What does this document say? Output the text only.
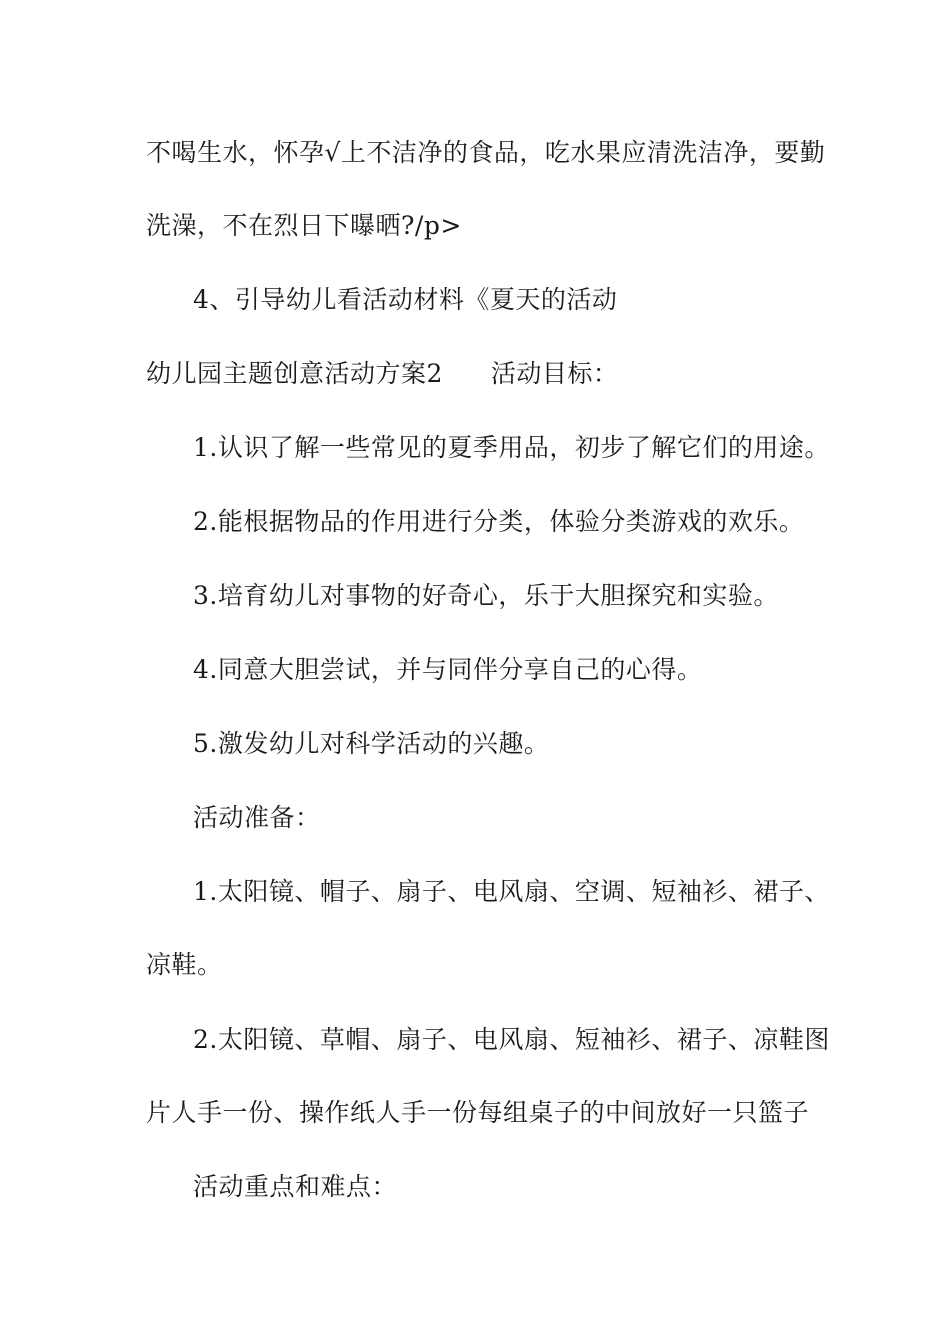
不喝生水，怀孕√上不洁净的食品，吃水果应清洗洁净，要勤
洗澡，不在烈日下曝晒?/p>
4、引导幼儿看活动材料《夏天的活动
幼儿园主题创意活动方案2 活动目标：
1.认识了解一些常见的夏季用品，初步了解它们的用途。
2.能根据物品的作用进行分类，体验分类游戏的欢乐。
3.培育幼儿对事物的好奇心，乐于大胆探究和实验。
4.同意大胆尝试，并与同伴分享自己的心得。
5.激发幼儿对科学活动的兴趣。
活动准备：
1.太阳镜、帽子、扇子、电风扇、空调、短袖衫、裙子、
凉鞋。
2.太阳镜、草帽、扇子、电风扇、短袖衫、裙子、凉鞋图
片人手一份、操作纸人手一份每组桌子的中间放好一只篮子
活动重点和难点：
